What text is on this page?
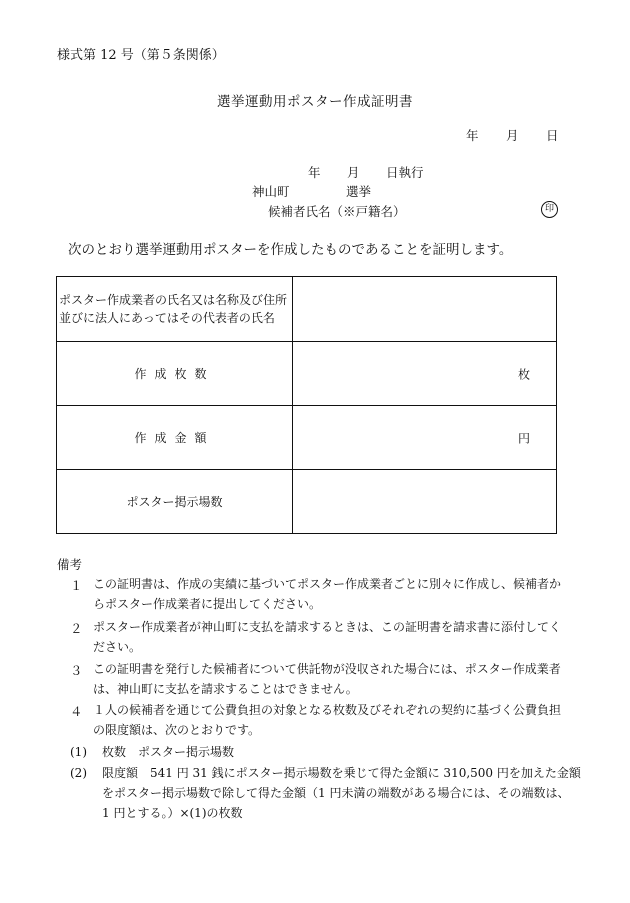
様式第 12 号（第５条関係）
選挙運動用ポスター作成証明書
年 月 日
年 月 日執行
神山町	選挙
候補者氏名（※戸籍名）	印
次のとおり選挙運動用ポスターを作成したものであることを証明します。
ポスター作成業者の氏名又は名称及び住所
並びに法人にあってはその代表者の氏名	

作成枚数	枚

作成金額	円

ポスター掲示場数	
備考
１ この証明書は、作成の実績に基づいてポスター作成業者ごとに別々に作成し、候補者か
らポスター作成業者に提出してください。
２ ポスター作成業者が神山町に支払を請求するときは、この証明書を請求書に添付してく
ださい。
３ この証明書を発行した候補者について供託物が没収された場合には、ポスター作成業者
は、神山町に支払を請求することはできません。
４ １人の候補者を通じて公費負担の対象となる枚数及びそれぞれの契約に基づく公費負担
の限度額は、次のとおりです。
(1) 枚数　ポスター掲示場数
(2) 限度額　541 円 31 銭にポスター掲示場数を乗じて得た金額に 310,500 円を加えた金額
をポスター掲示場数で除して得た金額（1 円未満の端数がある場合には、その端数は、
1 円とする。）×(1)の枚数
